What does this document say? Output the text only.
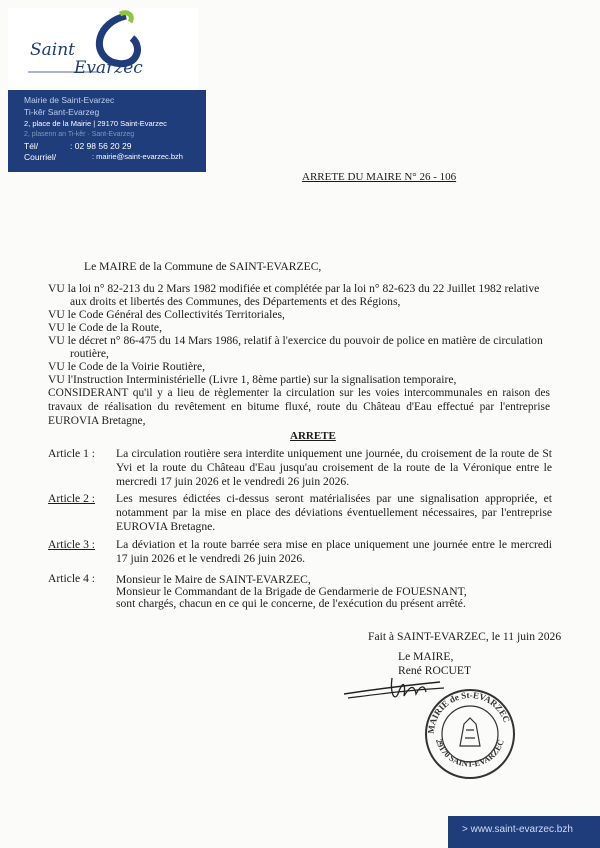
Saint
Evarzec
Mairie de Saint-Evarzec
Ti-kêr Sant-Evarzeg
2, place de la Mairie | 29170 Saint-Evarzec
2, plasenn an Ti-kêr · Sant-Evarzeg
Tél/	: 02 98 56 20 29
Courriel/	: mairie@saint-evarzec.bzh
ARRETE DU MAIRE N° 26 - 106
Le MAIRE de la Commune de SAINT-EVARZEC,
VU la loi n° 82-213 du 2 Mars 1982 modifiée et complétée par la loi n° 82-623 du 22 Juillet 1982 relative
aux droits et libertés des Communes, des Départements et des Régions,
VU le Code Général des Collectivités Territoriales,
VU le Code de la Route,
VU le décret n° 86-475 du 14 Mars 1986, relatif à l'exercice du pouvoir de police en matière de circulation
routière,
VU le Code de la Voirie Routière,
VU l'Instruction Interministérielle (Livre 1, 8ème partie) sur la signalisation temporaire,
CONSIDERANT qu'il y a lieu de règlementer la circulation sur les voies intercommunales en raison des travaux de réalisation du revêtement en bitume fluxé, route du Château d'Eau effectué par l'entreprise EUROVIA Bretagne,
ARRETE
Article 1 : La circulation routière sera interdite uniquement une journée, du croisement de la route de St Yvi et la route du Château d'Eau jusqu'au croisement de la route de la Véronique entre le mercredi 17 juin 2026 et le vendredi 26 juin 2026.
Article 2 : Les mesures édictées ci-dessus seront matérialisées par une signalisation appropriée, et notamment par la mise en place des déviations éventuellement nécessaires, par l'entreprise EUROVIA Bretagne.
Article 3 : La déviation et la route barrée sera mise en place uniquement une journée entre le mercredi 17 juin 2026 et le vendredi 26 juin 2026.
Article 4 : Monsieur le Maire de SAINT-EVARZEC,
Monsieur le Commandant de la Brigade de Gendarmerie de FOUESNANT,
sont chargés, chacun en ce qui le concerne, de l'exécution du présent arrêté.
Fait à SAINT-EVARZEC, le 11 juin 2026
Le MAIRE,
René ROCUET
MAIRIE de St-EVARZEC
29170 SAINT-EVARZEC
> www.saint-evarzec.bzh
